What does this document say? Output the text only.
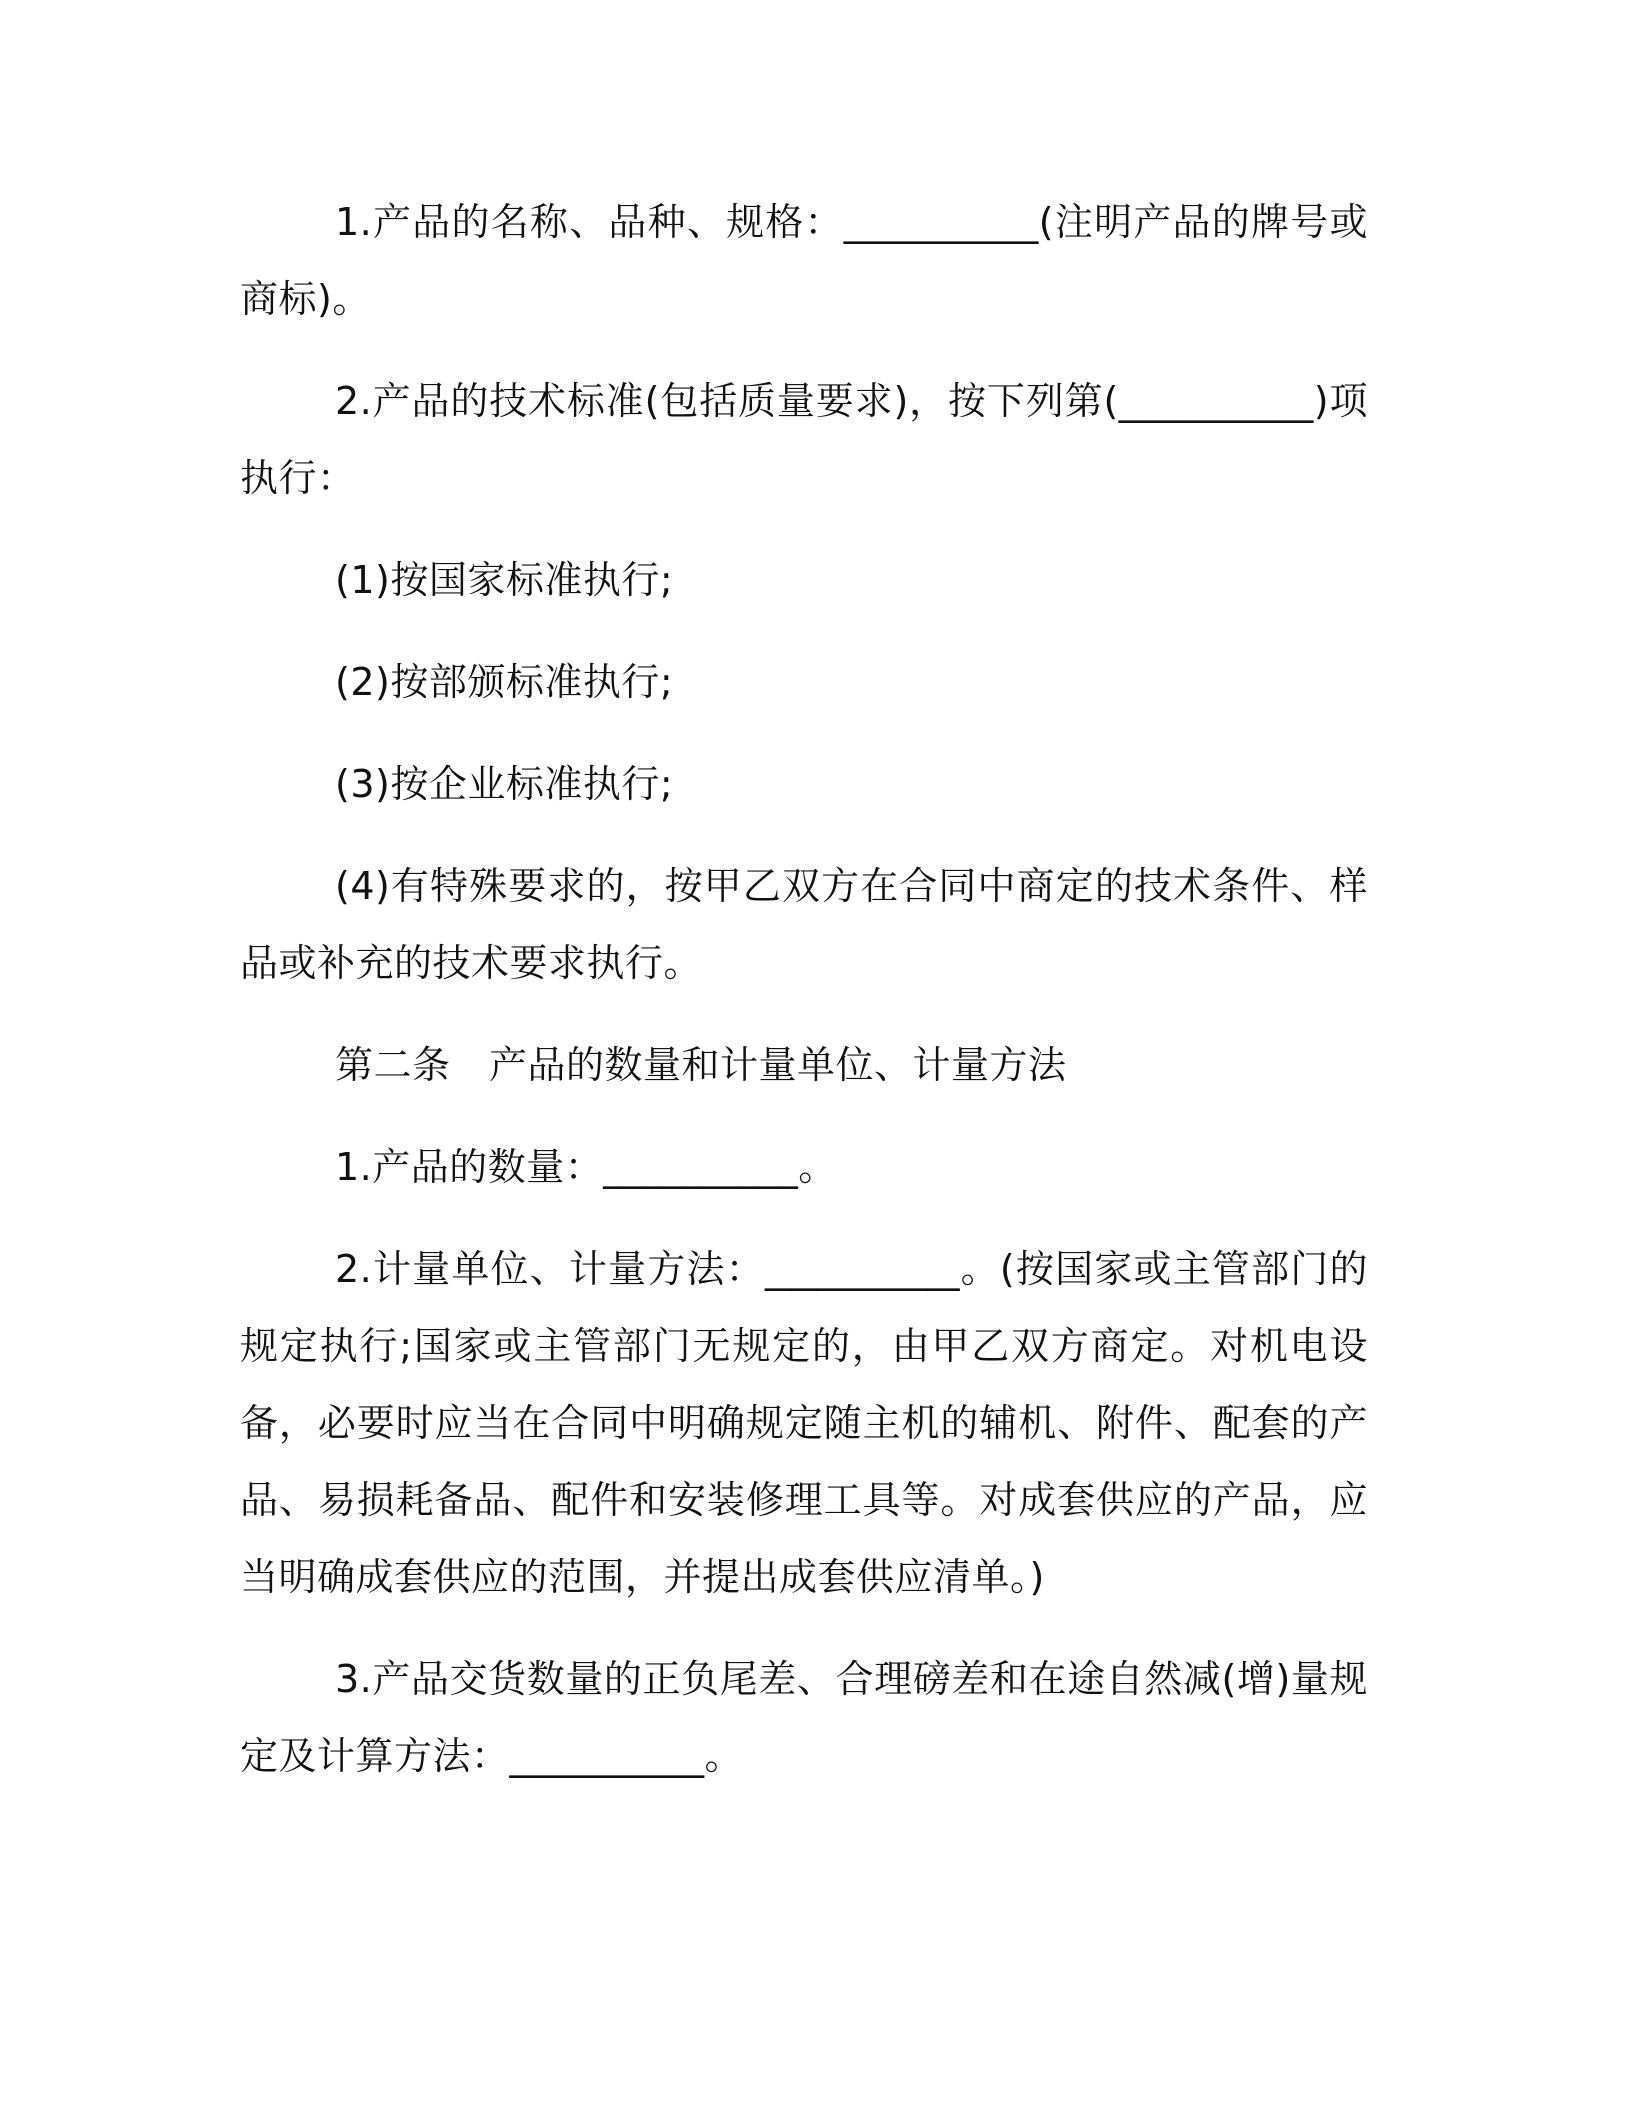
1.产品的名称、品种、规格：__________(注明产品的牌号或商标)。

2.产品的技术标准(包括质量要求)，按下列第(__________)项执行：

(1)按国家标准执行;

(2)按部颁标准执行;

(3)按企业标准执行;

(4)有特殊要求的，按甲乙双方在合同中商定的技术条件、样品或补充的技术要求执行。

第二条　产品的数量和计量单位、计量方法

1.产品的数量：__________。

2.计量单位、计量方法：__________。(按国家或主管部门的规定执行;国家或主管部门无规定的，由甲乙双方商定。对机电设备，必要时应当在合同中明确规定随主机的辅机、附件、配套的产品、易损耗备品、配件和安装修理工具等。对成套供应的产品，应当明确成套供应的范围，并提出成套供应清单。)

3.产品交货数量的正负尾差、合理磅差和在途自然减(增)量规定及计算方法：__________。
